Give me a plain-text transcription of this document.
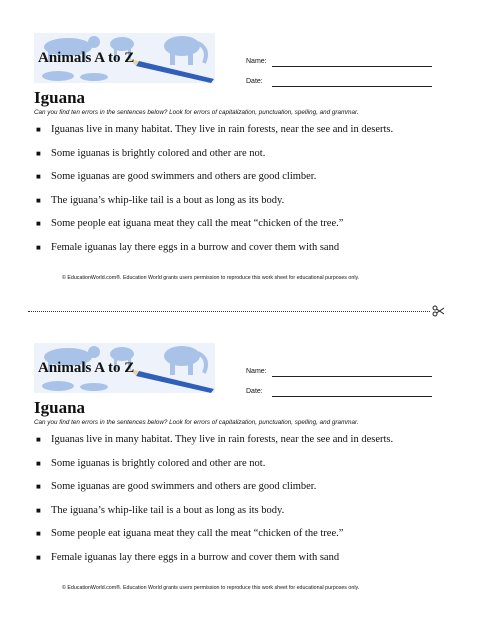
Animals A to Z	Name:
Date:
Iguana

Can you find ten errors in the sentences below? Look for errors of capitalization, punctuation, spelling, and grammar.

■ Iguanas live in many habitat. They live in rain forests, near the see and in deserts.
■ Some iguanas is brightly colored and other are not.
■ Some iguanas are good swimmers and others are good climber.
■ The iguana’s whip-like tail is a bout as long as its body.
■ Some people eat iguana meat they call the meat “chicken of the tree.”
■ Female iguanas lay there eggs in a burrow and cover them with sand
© EducationWorld.com®. Education World grants users permission to reproduce this work sheet for educational purposes only.
Animals A to Z	Name:
Date:
Iguana

Can you find ten errors in the sentences below? Look for errors of capitalization, punctuation, spelling, and grammar.

■ Iguanas live in many habitat. They live in rain forests, near the see and in deserts.
■ Some iguanas is brightly colored and other are not.
■ Some iguanas are good swimmers and others are good climber.
■ The iguana’s whip-like tail is a bout as long as its body.
■ Some people eat iguana meat they call the meat “chicken of the tree.”
■ Female iguanas lay there eggs in a burrow and cover them with sand
© EducationWorld.com®. Education World grants users permission to reproduce this work sheet for educational purposes only.
